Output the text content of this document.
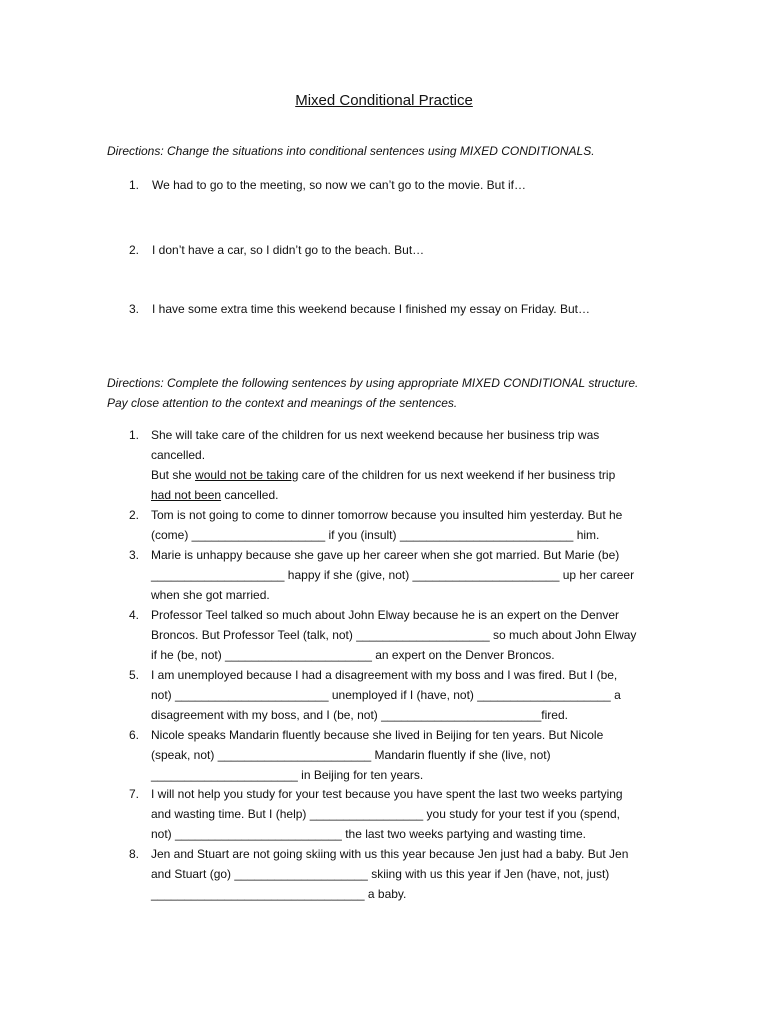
Mixed Conditional Practice
Directions: Change the situations into conditional sentences using MIXED CONDITIONALS.
1.	We had to go to the meeting, so now we can’t go to the movie. But if…
2.	I don’t have a car, so I didn’t go to the beach. But…
3.	I have some extra time this weekend because I finished my essay on Friday. But…
Directions: Complete the following sentences by using appropriate MIXED CONDITIONAL structure.
Pay close attention to the context and meanings of the sentences.
1. She will take care of the children for us next weekend because her business trip was
cancelled.
But she would not be taking care of the children for us next weekend if her business trip
had not been cancelled.
2. Tom is not going to come to dinner tomorrow because you insulted him yesterday. But he
(come) ____________________ if you (insult) __________________________ him.
3. Marie is unhappy because she gave up her career when she got married. But Marie (be)
____________________ happy if she (give, not) ______________________ up her career
when she got married.
4. Professor Teel talked so much about John Elway because he is an expert on the Denver
Broncos. But Professor Teel (talk, not) ____________________ so much about John Elway
if he (be, not) ______________________ an expert on the Denver Broncos.
5. I am unemployed because I had a disagreement with my boss and I was fired. But I (be,
not) _______________________ unemployed if I (have, not) ____________________ a
disagreement with my boss, and I (be, not) ________________________fired.
6. Nicole speaks Mandarin fluently because she lived in Beijing for ten years. But Nicole
(speak, not) _______________________ Mandarin fluently if she (live, not)
______________________ in Beijing for ten years.
7. I will not help you study for your test because you have spent the last two weeks partying
and wasting time. But I (help) _________________ you study for your test if you (spend,
not) _________________________ the last two weeks partying and wasting time.
8. Jen and Stuart are not going skiing with us this year because Jen just had a baby. But Jen
and Stuart (go) ____________________ skiing with us this year if Jen (have, not, just)
________________________________ a baby.
